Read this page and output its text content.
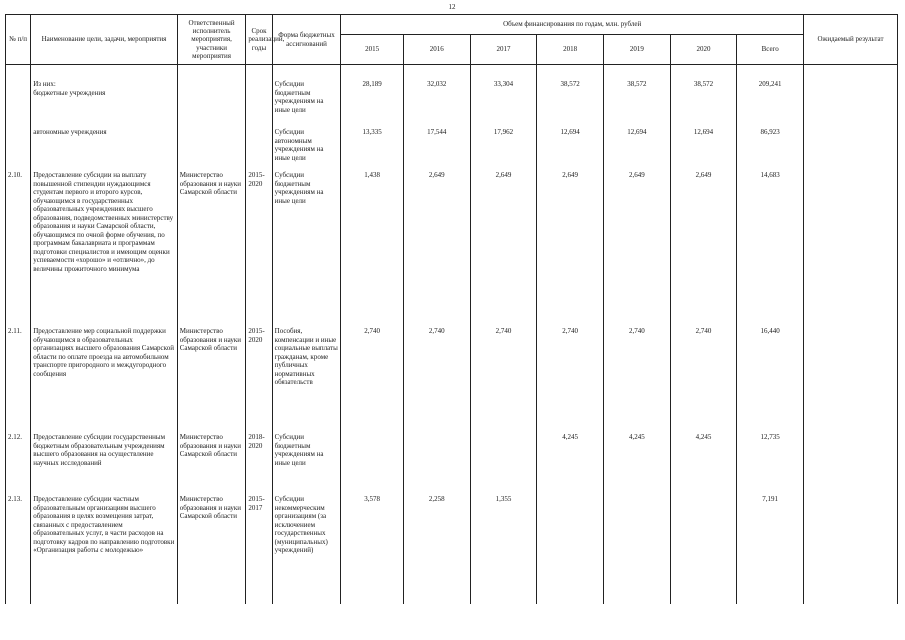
12
№ п/п	Наименование цели, задачи, мероприятия	Ответственный исполнитель мероприятия, участники мероприятия	Срок реализации, годы	Форма бюджетных ассигнований	Объем финансирования по годам, млн. рублей							Ожидаемый результат
					2015	2016	2017	2018	2019	2020	Всего	

	Из них:
бюджетные учреждения			Субсидии бюджетным учреждениям на иные цели	28,189	32,032	33,304	38,572	38,572	38,572	209,241	
	автономные учреждения			Субсидии автономным учреждениям на иные цели	13,335	17,544	17,962	12,694	12,694	12,694	86,923	
2.10.	Предоставление субсидии на выплату повышенной стипендии нуждающимся студентам первого и второго курсов, обучающимся в государственных образовательных учреждениях высшего образования, подведомственных министерству образования и науки Самарской области, обучающимся по очной форме обучения, по программам бакалавриата и программам подготовки специалистов и имеющим оценки успеваемости «хорошо» и «отлично», до величины прожиточного минимума	Министерство образования и науки Самарской области	2015-2020	Субсидии бюджетным учреждениям на иные цели	1,438	2,649	2,649	2,649	2,649	2,649	14,683	
2.11.	Предоставление мер социальной поддержки обучающимся в образовательных организациях высшего образования Самарской области по оплате проезда на автомобильном транспорте пригородного и междугородного сообщения	Министерство образования и науки Самарской области	2015-2020	Пособия, компенсации и иные социальные выплаты гражданам, кроме публичных нормативных обязательств	2,740	2,740	2,740	2,740	2,740	2,740	16,440	
2.12.	Предоставление субсидии государственным бюджетным образовательным учреждениям высшего образования на осуществление научных исследований	Министерство образования и науки Самарской области	2018-2020	Субсидии бюджетным учреждениям на иные цели				4,245	4,245	4,245	12,735	
2.13.	Предоставление субсидии частным образовательным организациям высшего образования в целях возмещения затрат, связанных с предоставлением образовательных услуг, в части расходов на подготовку кадров по направлению подготовки «Организация работы с молодежью»	Министерство образования и науки Самарской области	2015-2017	Субсидии некоммерческим организациям (за исключением государственных (муниципальных) учреждений)	3,578	2,258	1,355				7,191	
